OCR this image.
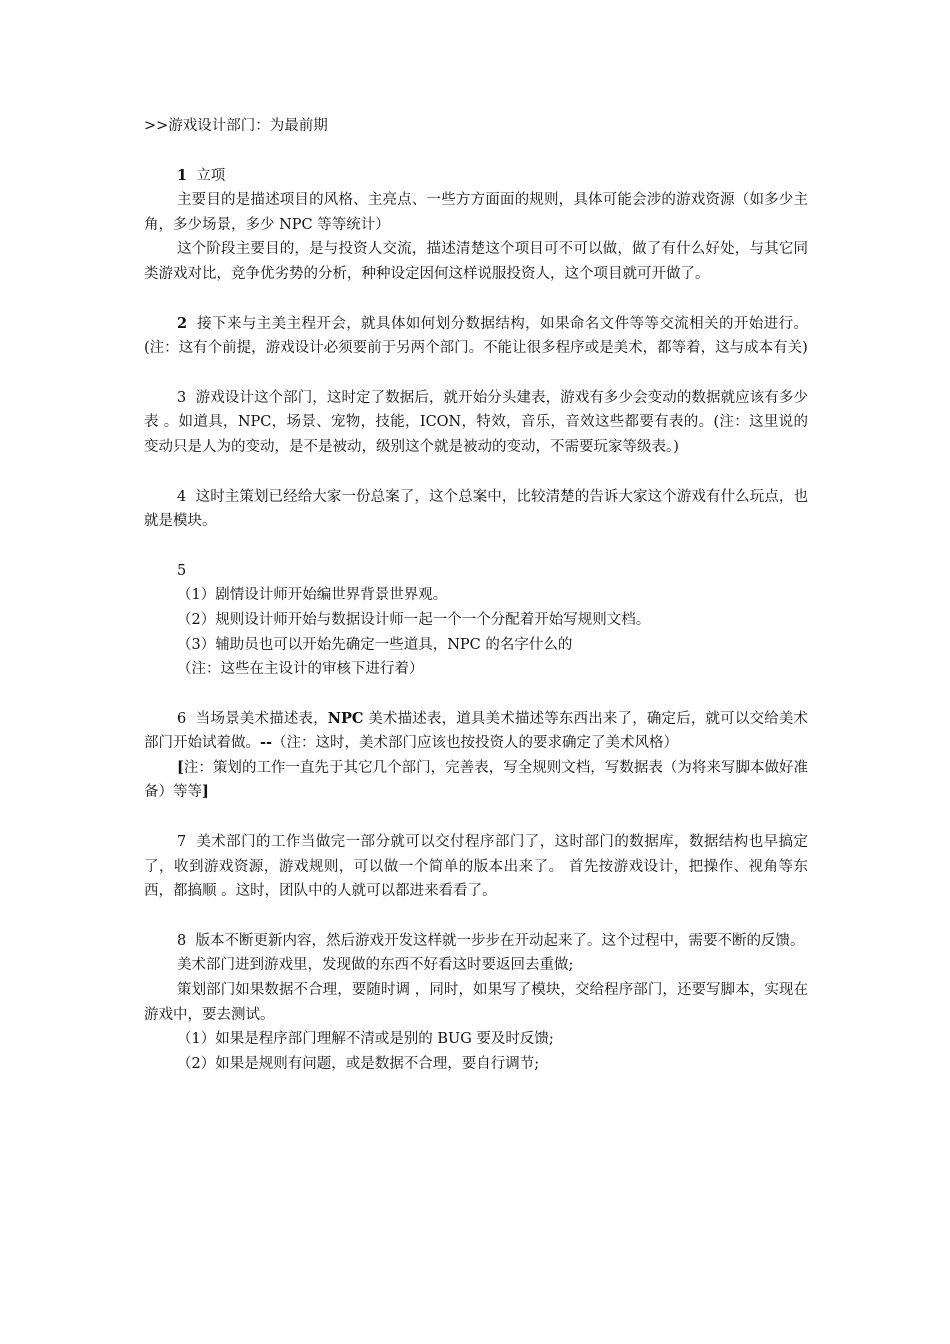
>>游戏设计部门：为最前期

1 立项

主要目的是描述项目的风格、主亮点、一些方方面面的规则，具体可能会涉的游戏资源（如多少主角，多少场景，多少 NPC 等等统计）

这个阶段主要目的，是与投资人交流，描述清楚这个项目可不可以做，做了有什么好处，与其它同类游戏对比，竞争优劣势的分析，种种设定因何这样说服投资人，这个项目就可开做了。

2 接下来与主美主程开会，就具体如何划分数据结构，如果命名文件等等交流相关的开始进行。(注：这有个前提，游戏设计必须要前于另两个部门。不能让很多程序或是美术，都等着，这与成本有关)

3 游戏设计这个部门，这时定了数据后，就开始分头建表，游戏有多少会变动的数据就应该有多少表 。如道具，NPC，场景、宠物，技能，ICON，特效，音乐，音效这些都要有表的。(注：这里说的变动只是人为的变动，是不是被动，级别这个就是被动的变动，不需要玩家等级表。)

4 这时主策划已经给大家一份总案了，这个总案中，比较清楚的告诉大家这个游戏有什么玩点，也就是模块。

5

（1）剧情设计师开始编世界背景世界观。

（2）规则设计师开始与数据设计师一起一个一个分配着开始写规则文档。

（3）辅助员也可以开始先确定一些道具，NPC 的名字什么的

（注：这些在主设计的审核下进行着）

6 当场景美术描述表，NPC 美术描述表，道具美术描述等东西出来了，确定后，就可以交给美术部门开始试着做。--（注：这时，美术部门应该也按投资人的要求确定了美术风格）

[注：策划的工作一直先于其它几个部门，完善表，写全规则文档，写数据表（为将来写脚本做好准备）等等]

7 美术部门的工作当做完一部分就可以交付程序部门了，这时部门的数据库，数据结构也早搞定了，收到游戏资源，游戏规则，可以做一个简单的版本出来了。 首先按游戏设计，把操作、视角等东西，都搞顺 。这时，团队中的人就可以都进来看看了。

8 版本不断更新内容，然后游戏开发这样就一步步在开动起来了。这个过程中，需要不断的反馈。

美术部门进到游戏里，发现做的东西不好看这时要返回去重做;

策划部门如果数据不合理，要随时调 ，同时，如果写了模块，交给程序部门，还要写脚本，实现在游戏中，要去测试。

（1）如果是程序部门理解不清或是别的 BUG 要及时反馈;

（2）如果是规则有问题，或是数据不合理，要自行调节;
